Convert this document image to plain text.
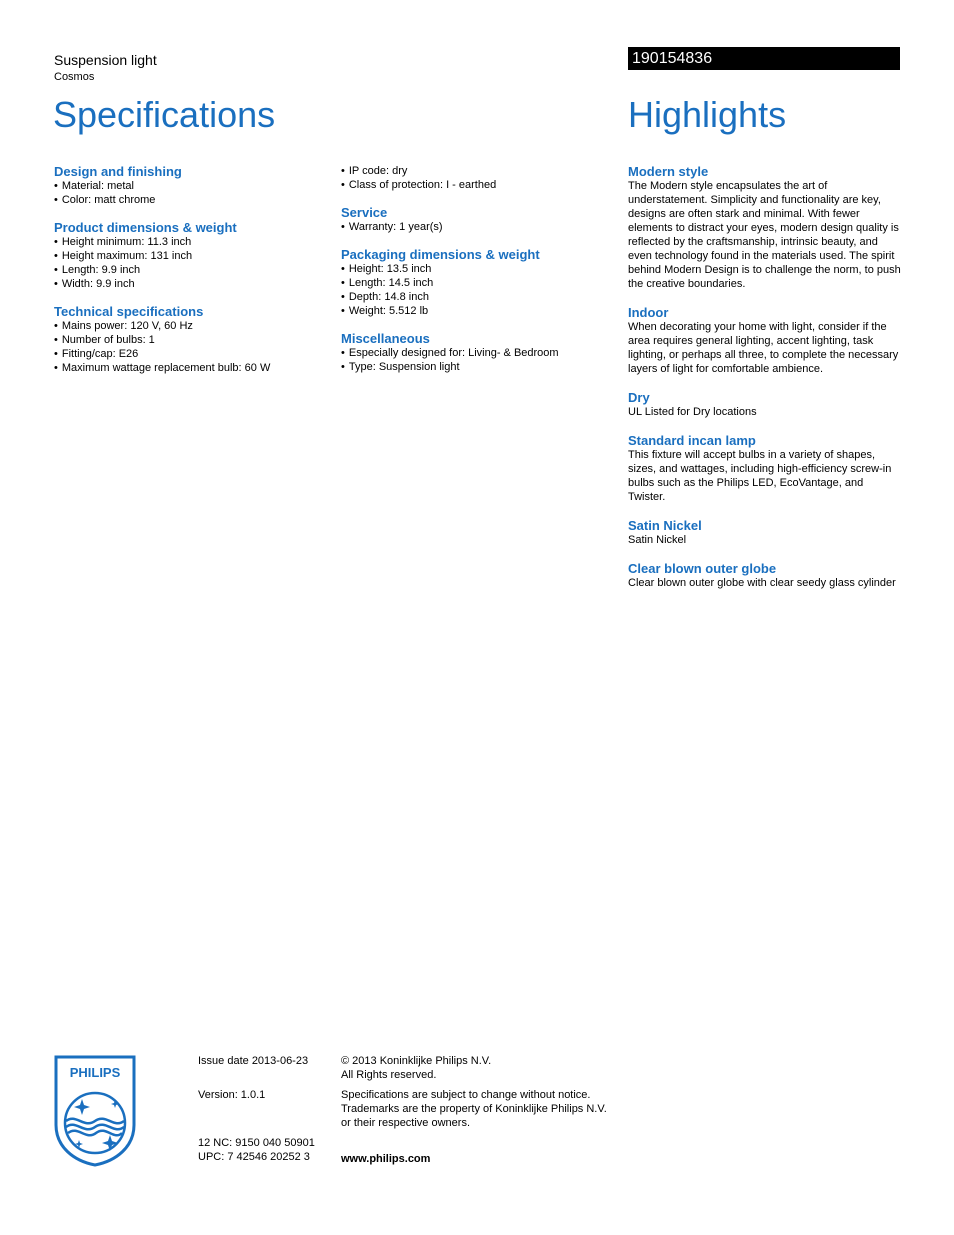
Suspension light
Cosmos
Specifications
190154836
Highlights
Design and finishing
• Material: metal
• Color: matt chrome
Product dimensions & weight
• Height minimum: 11.3 inch
• Height maximum: 131 inch
• Length: 9.9 inch
• Width: 9.9 inch
Technical specifications
• Mains power: 120 V, 60 Hz
• Number of bulbs: 1
• Fitting/cap: E26
• Maximum wattage replacement bulb: 60 W
• IP code: dry
• Class of protection: I - earthed
Service
• Warranty: 1 year(s)
Packaging dimensions & weight
• Height: 13.5 inch
• Length: 14.5 inch
• Depth: 14.8 inch
• Weight: 5.512 lb
Miscellaneous
• Especially designed for: Living- & Bedroom
• Type: Suspension light
Modern style

The Modern style encapsulates the art of understatement. Simplicity and functionality are key, designs are often stark and minimal. With fewer elements to distract your eyes, modern design quality is reflected by the craftsmanship, intrinsic beauty, and even technology found in the materials used. The spirit behind Modern Design is to challenge the norm, to push the creative boundaries.

Indoor

When decorating your home with light, consider if the area requires general lighting, accent lighting, task lighting, or perhaps all three, to complete the necessary layers of light for comfortable ambience.

Dry

UL Listed for Dry locations

Standard incan lamp

This fixture will accept bulbs in a variety of shapes, sizes, and wattages, including high-efficiency screw-in bulbs such as the Philips LED, EcoVantage, and Twister.

Satin Nickel

Satin Nickel

Clear blown outer globe

Clear blown outer globe with clear seedy glass cylinder

PHILIPS
Issue date 2013-06-23
Version: 1.0.1
12 NC: 9150 040 50901
UPC: 7 42546 20252 3
© 2013 Koninklijke Philips N.V.
All Rights reserved.
Specifications are subject to change without notice.
Trademarks are the property of Koninklijke Philips N.V.
or their respective owners.
www.philips.com
